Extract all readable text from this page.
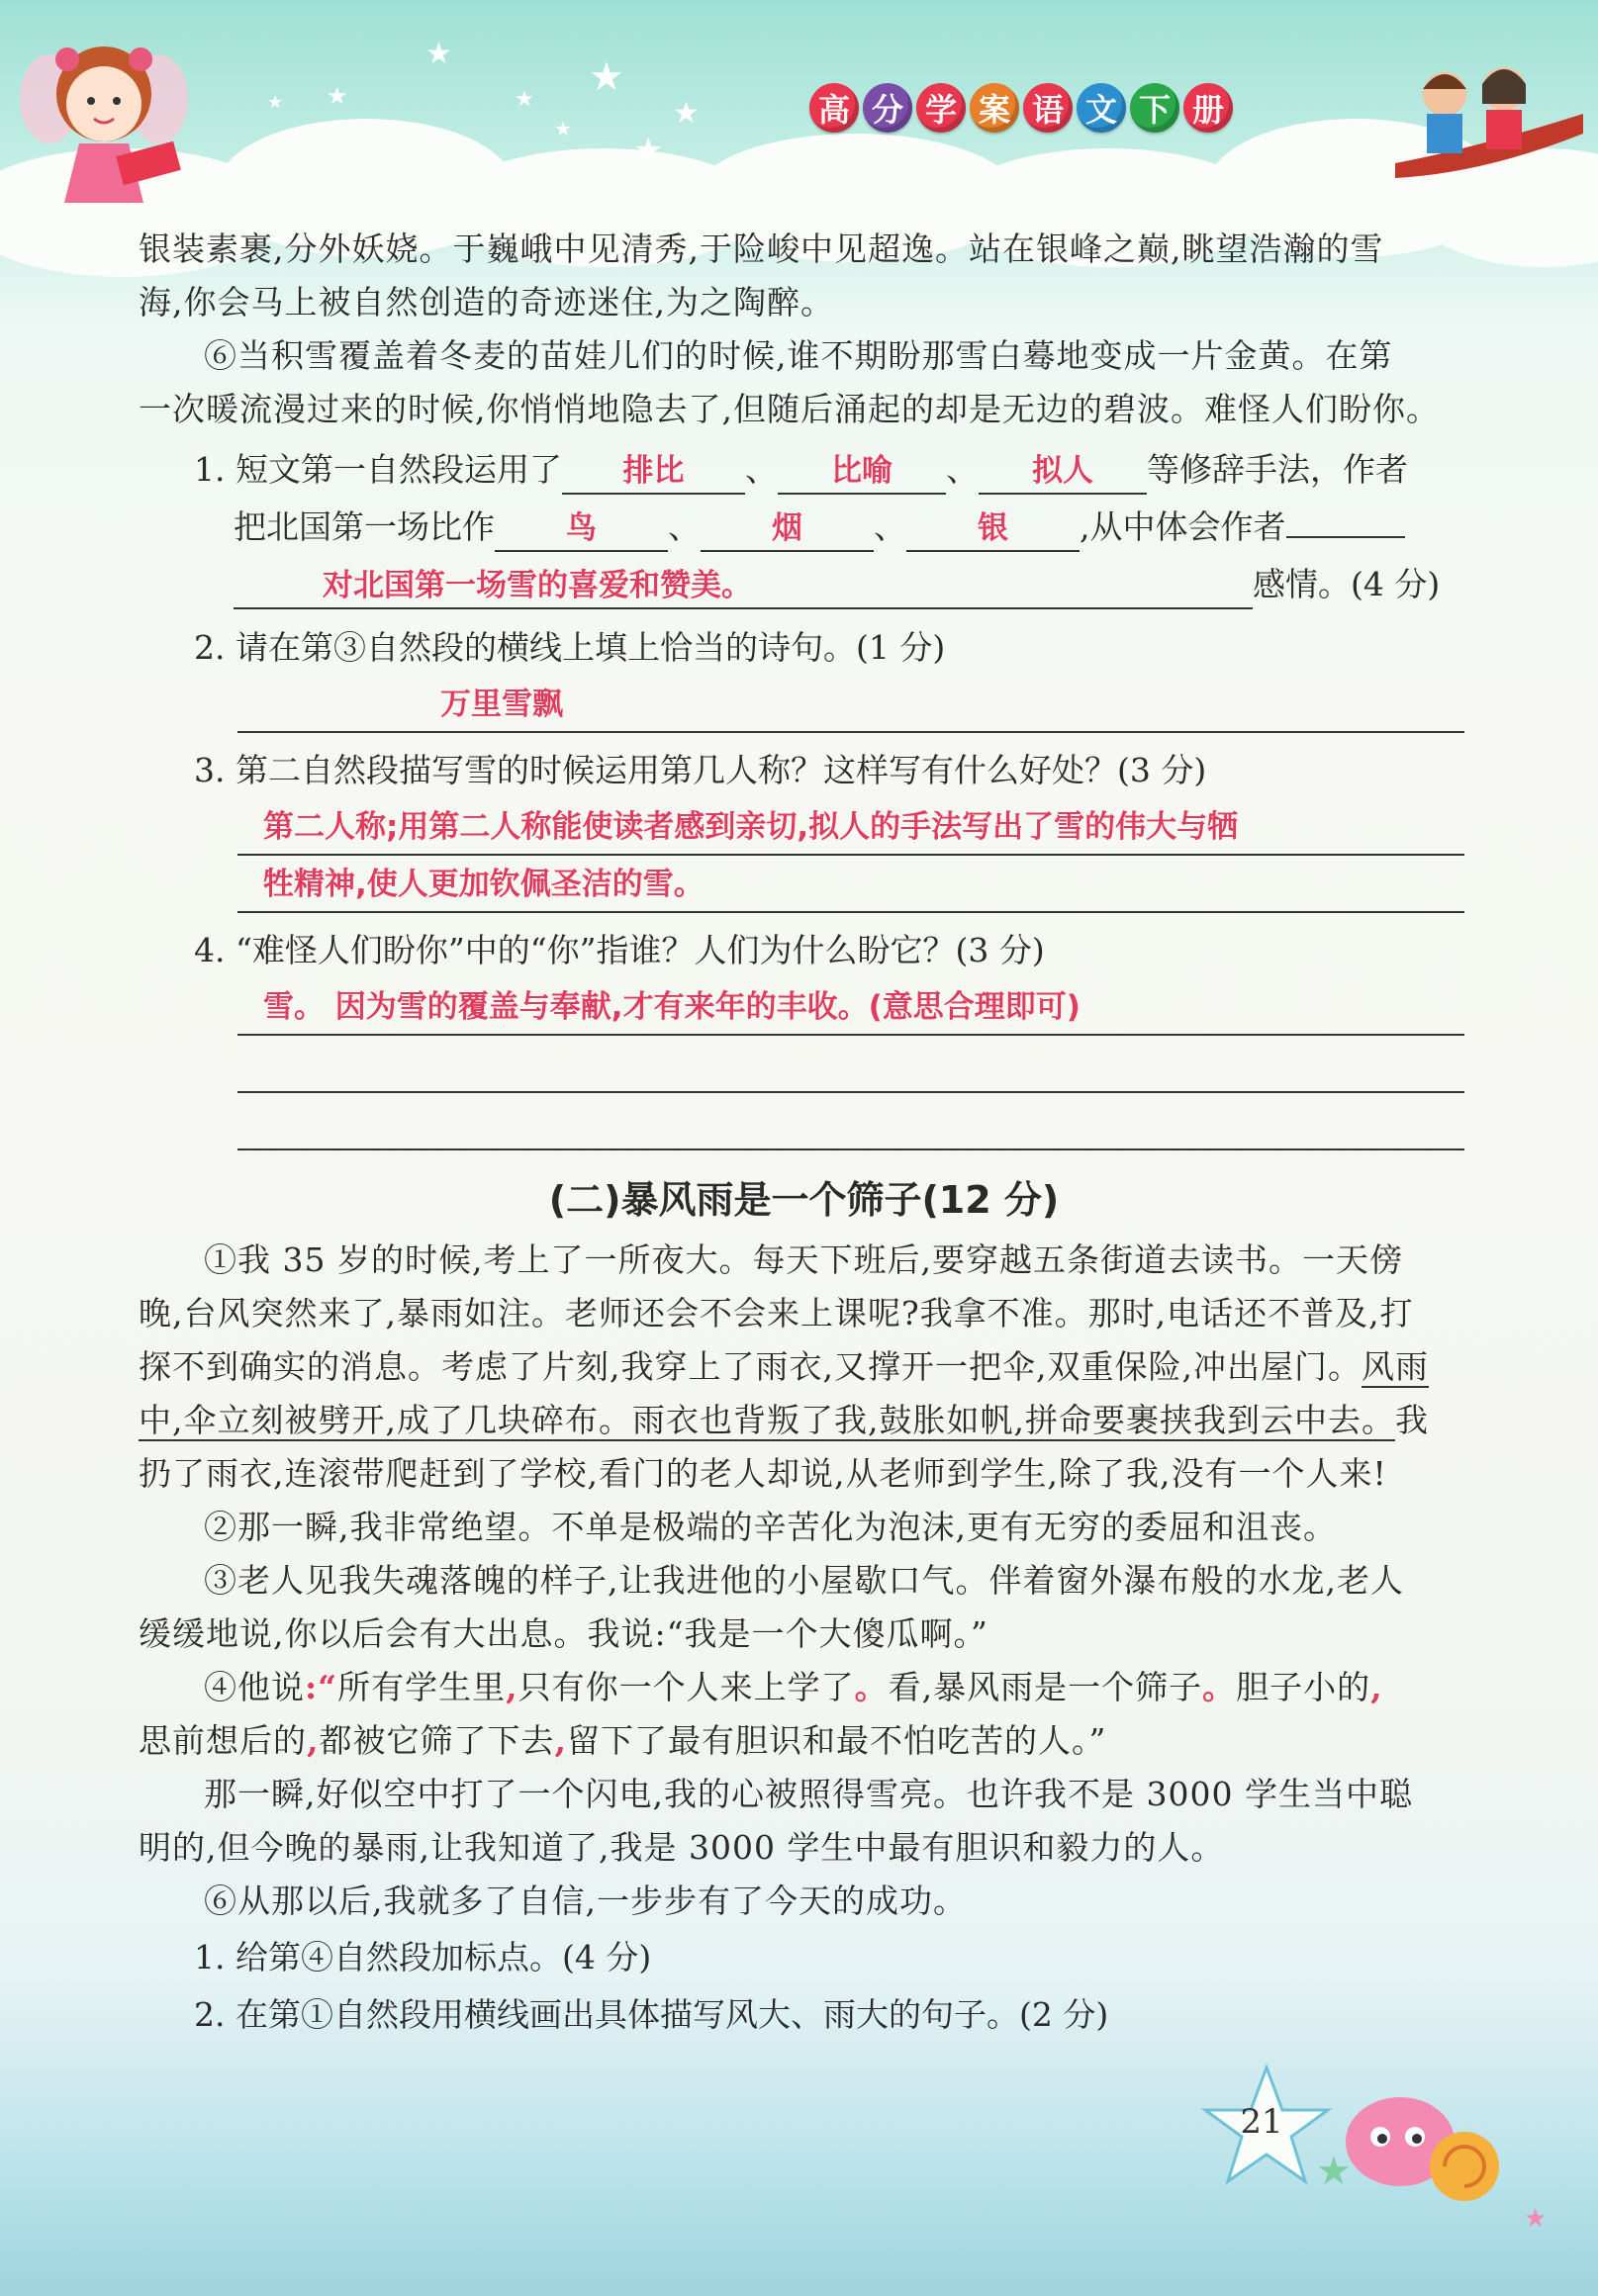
★
★
★
★
★
★
★
★	高 分 学 案 语 文 下 册

银装素裹,分外妖娆。于巍峨中见清秀,于险峻中见超逸。站在银峰之巅,眺望浩瀚的雪

海,你会马上被自然创造的奇迹迷住,为之陶醉。

⑥当积雪覆盖着冬麦的苗娃儿们的时候,谁不期盼那雪白蓦地变成一片金黄。在第

一次暖流漫过来的时候,你悄悄地隐去了,但随后涌起的却是无边的碧波。难怪人们盼你。

1. 短文第一自然段运用了 排比 、 比喻 、 拟人 等修辞手法，作者
把北国第一场比作 鸟 、 烟 、 银 ,从中体会作者
对北国第一场雪的喜爱和赞美。	感情。(4 分)
2. 请在第③自然段的横线上填上恰当的诗句。(1 分)
万里雪飘
3. 第二自然段描写雪的时候运用第几人称？这样写有什么好处？(3 分)
第二人称;用第二人称能使读者感到亲切,拟人的手法写出了雪的伟大与牺
牲精神,使人更加钦佩圣洁的雪。
4. “难怪人们盼你”中的“你”指谁？人们为什么盼它？(3 分)
雪。 因为雪的覆盖与奉献,才有来年的丰收。(意思合理即可)
(二)暴风雨是一个筛子(12 分)

①我 35 岁的时候,考上了一所夜大。每天下班后,要穿越五条街道去读书。一天傍

晚,台风突然来了,暴雨如注。老师还会不会来上课呢?我拿不准。那时,电话还不普及,打

探不到确实的消息。考虑了片刻,我穿上了雨衣,又撑开一把伞,双重保险,冲出屋门。风雨

中,伞立刻被劈开,成了几块碎布。雨衣也背叛了我,鼓胀如帆,拼命要裹挟我到云中去。我

扔了雨衣,连滚带爬赶到了学校,看门的老人却说,从老师到学生,除了我,没有一个人来!

②那一瞬,我非常绝望。不单是极端的辛苦化为泡沫,更有无穷的委屈和沮丧。

③老人见我失魂落魄的样子,让我进他的小屋歇口气。伴着窗外瀑布般的水龙,老人

缓缓地说,你以后会有大出息。我说:“我是一个大傻瓜啊。”

④他说:“所有学生里,只有你一个人来上学了。看,暴风雨是一个筛子。胆子小的,

思前想后的,都被它筛了下去,留下了最有胆识和最不怕吃苦的人。”

那一瞬,好似空中打了一个闪电,我的心被照得雪亮。也许我不是 3000 学生当中聪

明的,但今晚的暴雨,让我知道了,我是 3000 学生中最有胆识和毅力的人。

⑥从那以后,我就多了自信,一步步有了今天的成功。

1. 给第④自然段加标点。(4 分)
2. 在第①自然段用横线画出具体描写风大、雨大的句子。(2 分)
21
★
★
